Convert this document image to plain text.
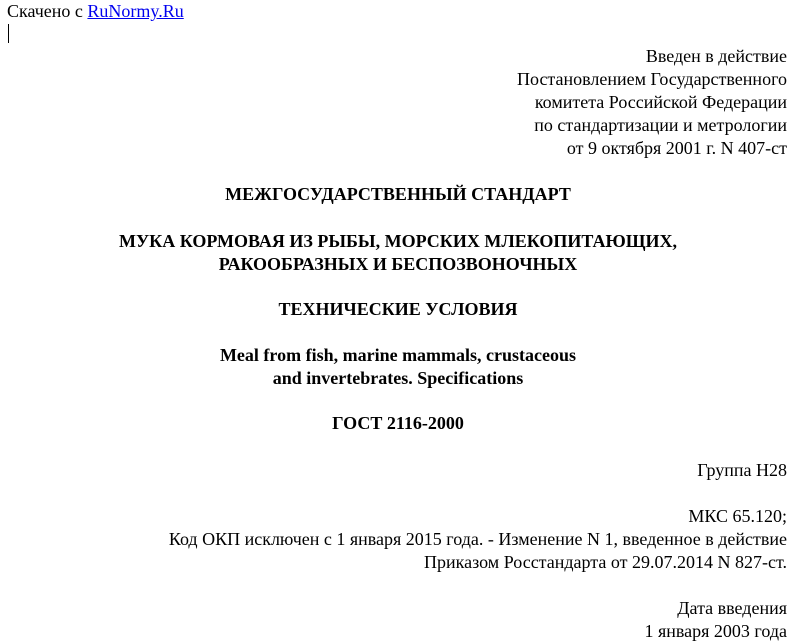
Скачено с RuNormy.Ru
Введен в действие
Постановлением Государственного
комитета Российской Федерации
по стандартизации и метрологии
от 9 октября 2001 г. N 407-ст
МЕЖГОСУДАРСТВЕННЫЙ СТАНДАРТ
МУКА КОРМОВАЯ ИЗ РЫБЫ, МОРСКИХ МЛЕКОПИТАЮЩИХ,
РАКООБРАЗНЫХ И БЕСПОЗВОНОЧНЫХ
ТЕХНИЧЕСКИЕ УСЛОВИЯ
Meal from fish, marine mammals, crustaceous
and invertebrates. Specifications
ГОСТ 2116-2000
Группа Н28
МКС 65.120;
Код ОКП исключен с 1 января 2015 года. - Изменение N 1, введенное в действие
Приказом Росстандарта от 29.07.2014 N 827-ст.
Дата введения
1 января 2003 года
